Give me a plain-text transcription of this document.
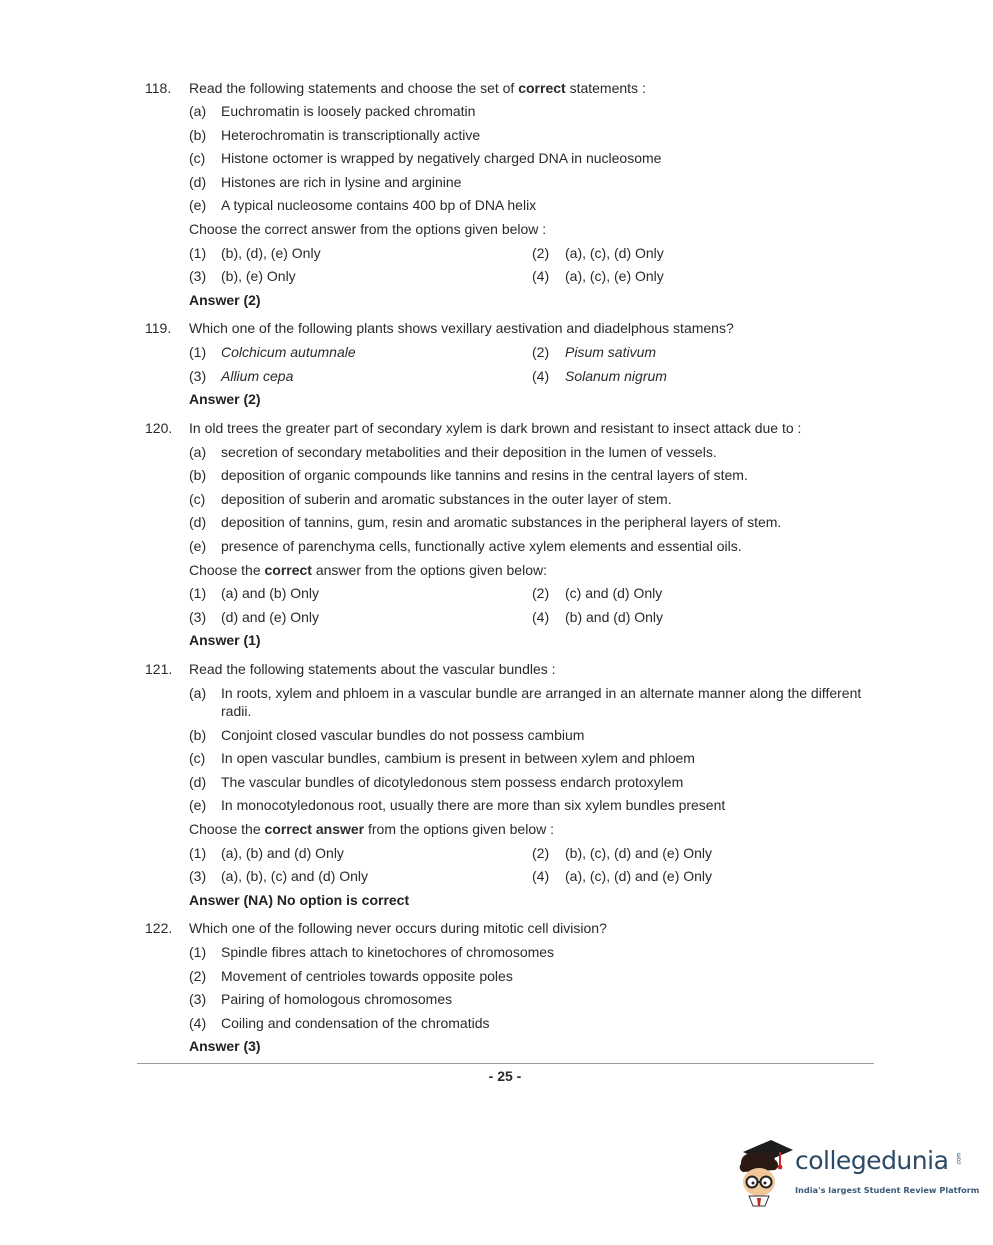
118. Read the following statements and choose the set of correct statements :
(a) Euchromatin is loosely packed chromatin
(b) Heterochromatin is transcriptionally active
(c) Histone octomer is wrapped by negatively charged DNA in nucleosome
(d) Histones are rich in lysine and arginine
(e) A typical nucleosome contains 400 bp of DNA helix
Choose the correct answer from the options given below :
(1) (b), (d), (e) Only	(2) (a), (c), (d) Only
(3) (b), (e) Only	(4) (a), (c), (e) Only
Answer (2)
119. Which one of the following plants shows vexillary aestivation and diadelphous stamens?
(1) Colchicum autumnale	(2) Pisum sativum
(3) Allium cepa	(4) Solanum nigrum
Answer (2)
120. In old trees the greater part of secondary xylem is dark brown and resistant to insect attack due to :
(a) secretion of secondary metabolities and their deposition in the lumen of vessels.
(b) deposition of organic compounds like tannins and resins in the central layers of stem.
(c) deposition of suberin and aromatic substances in the outer layer of stem.
(d) deposition of tannins, gum, resin and aromatic substances in the peripheral layers of stem.
(e) presence of parenchyma cells, functionally active xylem elements and essential oils.
Choose the correct answer from the options given below:
(1) (a) and (b) Only	(2) (c) and (d) Only
(3) (d) and (e) Only	(4) (b) and (d) Only
Answer (1)
121. Read the following statements about the vascular bundles :
(a) In roots, xylem and phloem in a vascular bundle are arranged in an alternate manner along the different
radii.
(b) Conjoint closed vascular bundles do not possess cambium
(c) In open vascular bundles, cambium is present in between xylem and phloem
(d) The vascular bundles of dicotyledonous stem possess endarch protoxylem
(e) In monocotyledonous root, usually there are more than six xylem bundles present
Choose the correct answer from the options given below :
(1) (a), (b) and (d) Only	(2) (b), (c), (d) and (e) Only
(3) (a), (b), (c) and (d) Only	(4) (a), (c), (d) and (e) Only
Answer (NA) No option is correct
122. Which one of the following never occurs during mitotic cell division?
(1) Spindle fibres attach to kinetochores of chromosomes
(2) Movement of centrioles towards opposite poles
(3) Pairing of homologous chromosomes
(4) Coiling and condensation of the chromatids
Answer (3)
- 25 -
collegedunia .com
India's largest Student Review Platform
